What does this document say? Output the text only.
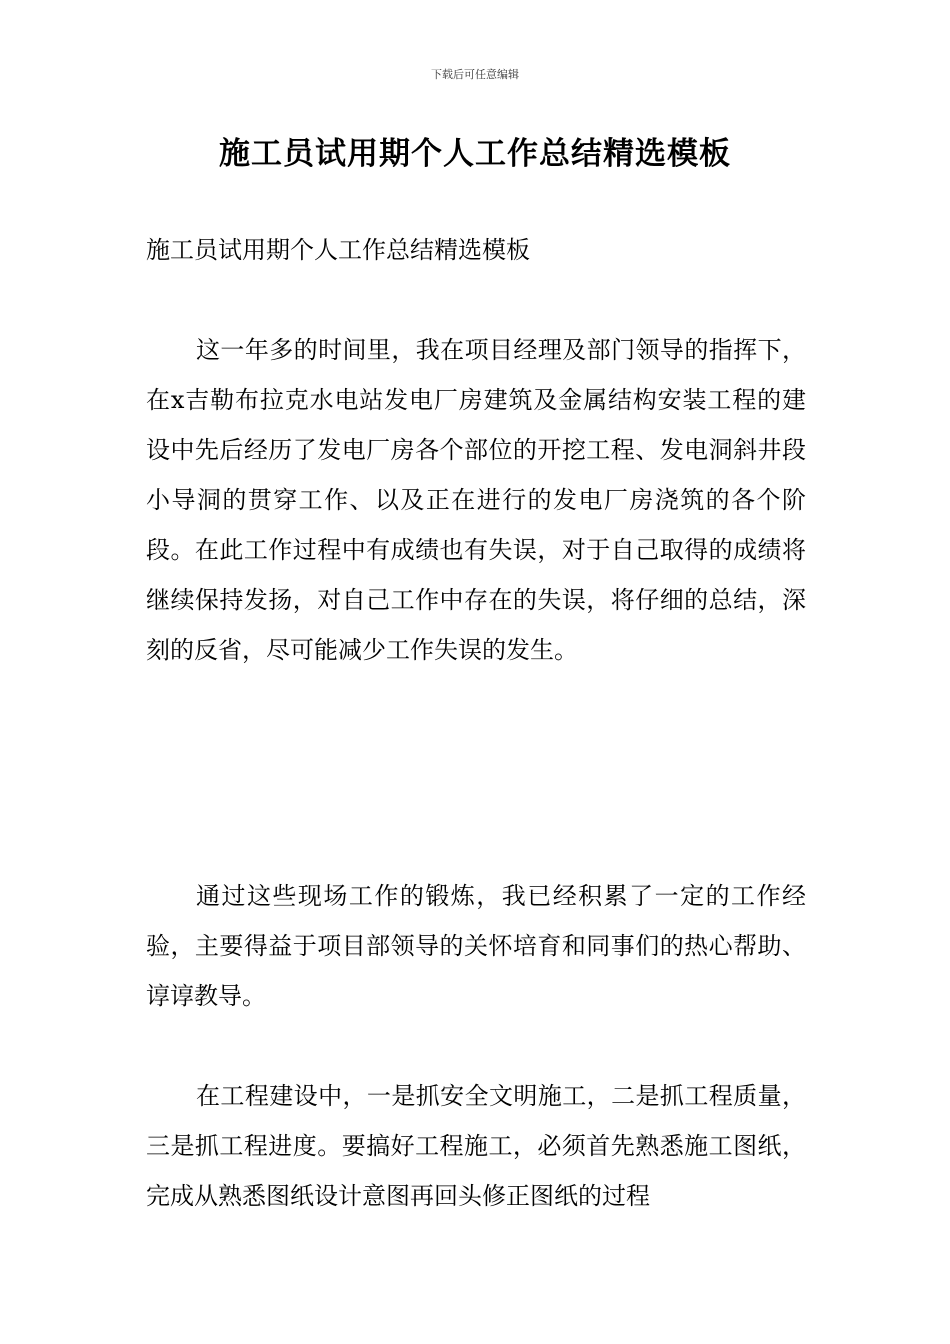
下载后可任意编辑
施工员试用期个人工作总结精选模板

施工员试用期个人工作总结精选模板

这一年多的时间里，我在项目经理及部门领导的指挥下，在x吉勒布拉克水电站发电厂房建筑及金属结构安装工程的建设中先后经历了发电厂房各个部位的开挖工程、发电洞斜井段小导洞的贯穿工作、以及正在进行的发电厂房浇筑的各个阶段。在此工作过程中有成绩也有失误，对于自己取得的成绩将继续保持发扬，对自己工作中存在的失误，将仔细的总结，深刻的反省，尽可能减少工作失误的发生。

通过这些现场工作的锻炼，我已经积累了一定的工作经验，主要得益于项目部领导的关怀培育和同事们的热心帮助、谆谆教导。

在工程建设中，一是抓安全文明施工，二是抓工程质量，三是抓工程进度。要搞好工程施工，必须首先熟悉施工图纸，完成从熟悉图纸设计意图再回头修正图纸的过程
